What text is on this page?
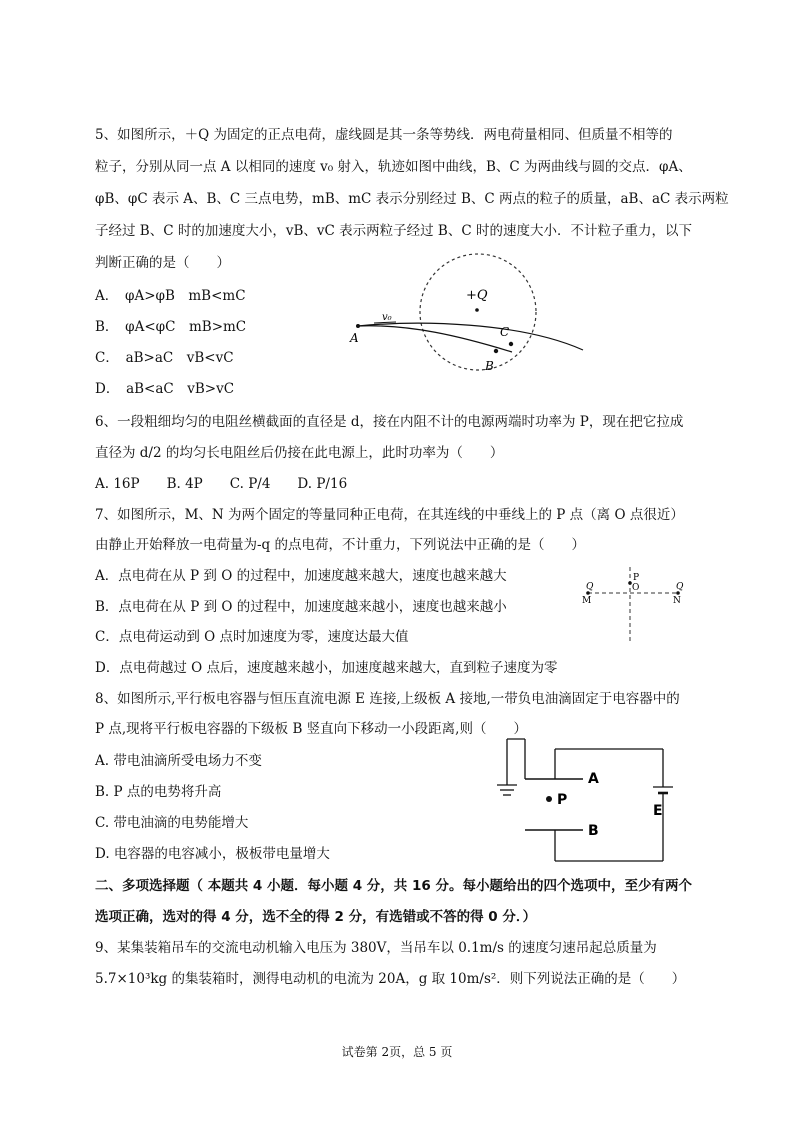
5、如图所示，＋Q 为固定的正点电荷，虚线圆是其一条等势线．两电荷量相同、但质量不相等的
粒子，分别从同一点 A 以相同的速度 v₀ 射入，轨迹如图中曲线，B、C 为两曲线与圆的交点．φA、
φB、φC 表示 A、B、C 三点电势，mB、mC 表示分别经过 B、C 两点的粒子的质量，aB、aC 表示两粒
子经过 B、C 时的加速度大小，vB、vC 表示两粒子经过 B、C 时的速度大小．不计粒子重力，以下
判断正确的是（　　）
A．　φA>φB　mB<mC
B．　φA<φC　mB>mC
C．　aB>aC　vB<vC
D．　aB<aC　vB>vC
+Q
v₀
A	C
B
6、一段粗细均匀的电阻丝横截面的直径是 d，接在内阻不计的电源两端时功率为 P，现在把它拉成
直径为 d/2 的均匀长电阻丝后仍接在此电源上，此时功率为（　　）
A. 16P　　B. 4P　　C. P/4　　D. P/16
7、如图所示，M、N 为两个固定的等量同种正电荷，在其连线的中垂线上的 P 点（离 O 点很近）
由静止开始释放一电荷量为-q 的点电荷，不计重力，下列说法中正确的是（　　）
A．点电荷在从 P 到 O 的过程中，加速度越来越大，速度也越来越大
B．点电荷在从 P 到 O 的过程中，加速度越来越小，速度也越来越小
C．点电荷运动到 O 点时加速度为零，速度达最大值
D．点电荷越过 O 点后，速度越来越小，加速度越来越大，直到粒子速度为零
Q	Q
M	N
P
O
8、如图所示,平行板电容器与恒压直流电源 E 连接,上级板 A 接地,一带负电油滴固定于电容器中的
P 点,现将平行板电容器的下级板 B 竖直向下移动一小段距离,则（　　）
A. 带电油滴所受电场力不变
B. P 点的电势将升高
C. 带电油滴的电势能增大
D. 电容器的电容减小，极板带电量增大
P
A
B
E
二、多项选择题（ 本题共 4 小题．每小题 4 分，共 16 分。每小题给出的四个选项中，至少有两个
选项正确，选对的得 4 分，选不全的得 2 分，有选错或不答的得 0 分．）
9、某集装箱吊车的交流电动机输入电压为 380V，当吊车以 0.1m/s 的速度匀速吊起总质量为
5.7×10³kg 的集装箱时，测得电动机的电流为 20A，g 取 10m/s²．则下列说法正确的是（　　）
试卷第 2页，总 5 页
